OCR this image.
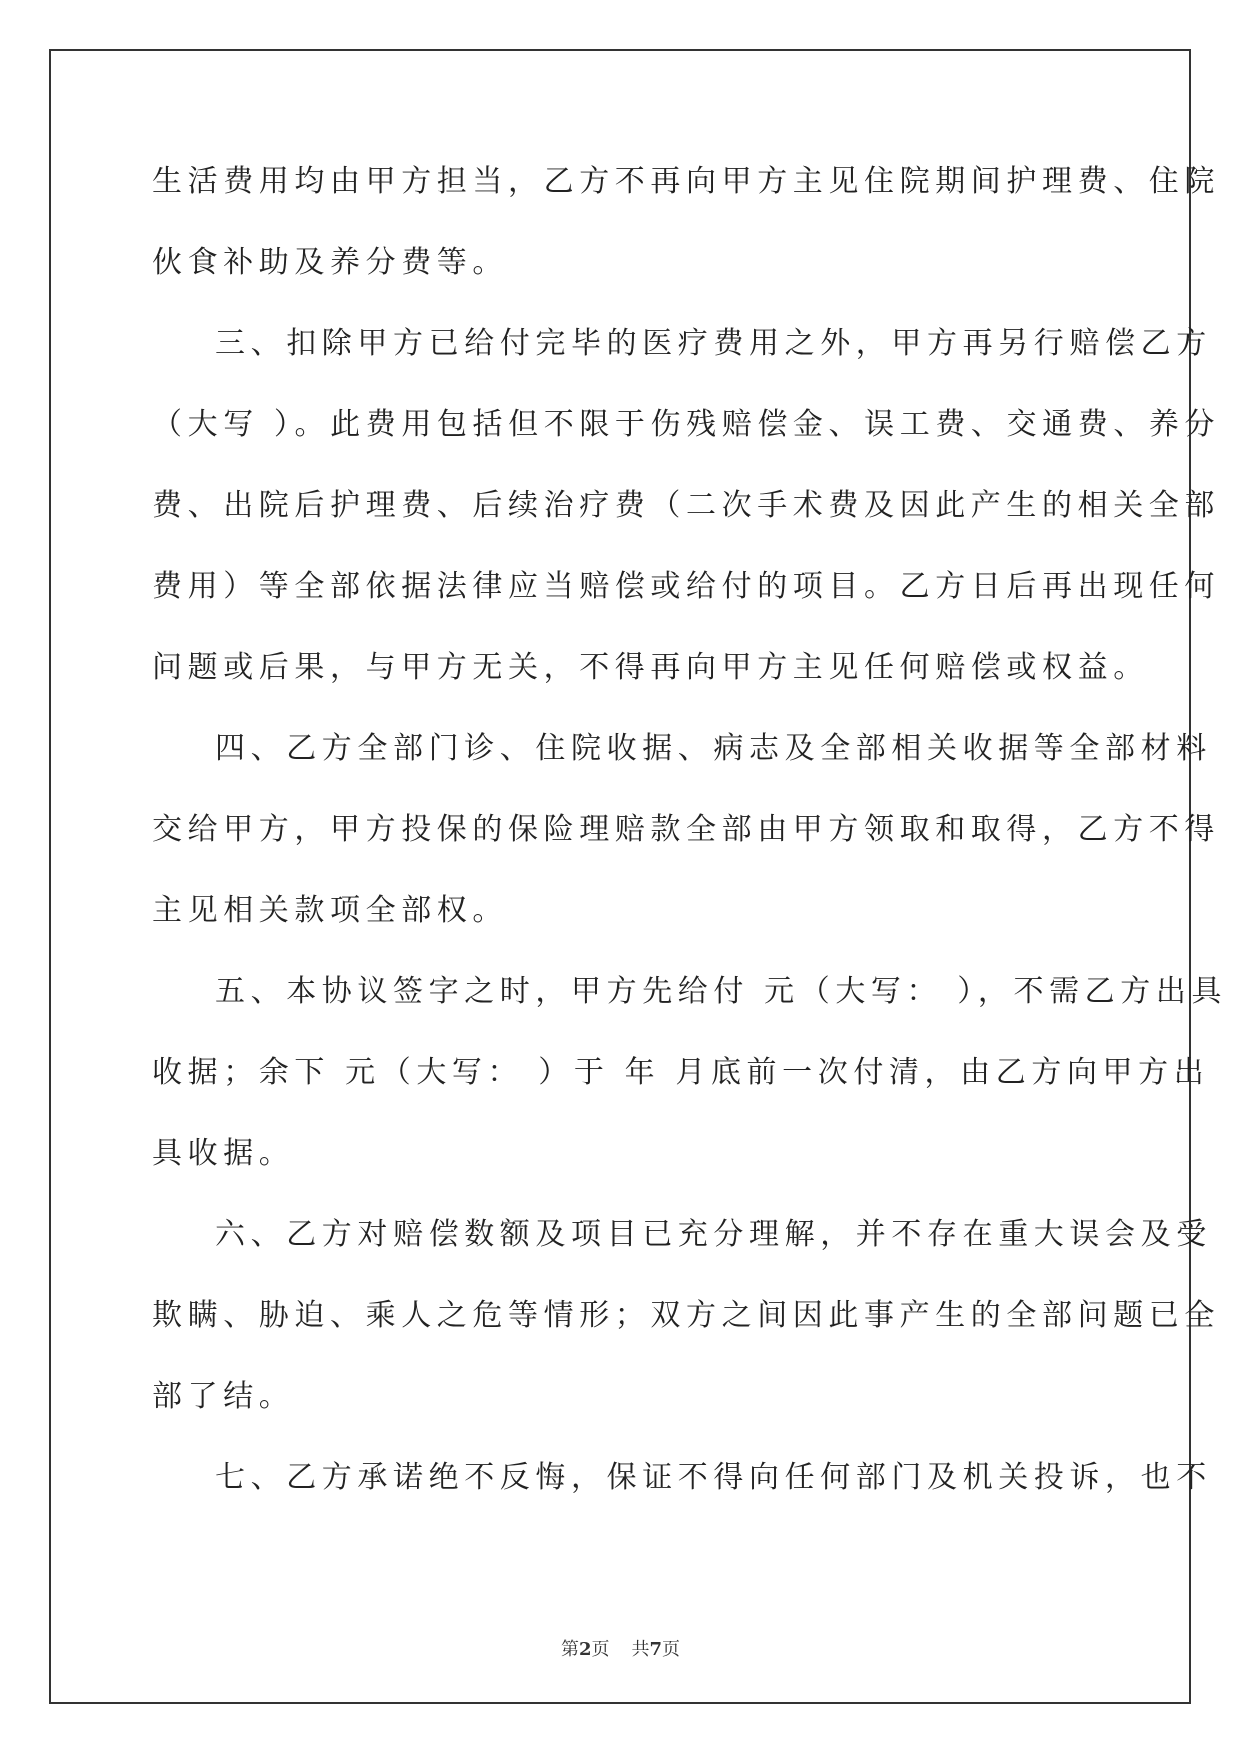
生活费用均由甲方担当，乙方不再向甲方主见住院期间护理费、住院
伙食补助及养分费等。
三、扣除甲方已给付完毕的医疗费用之外，甲方再另行赔偿乙方
（大写 ）。此费用包括但不限于伤残赔偿金、误工费、交通费、养分
费、出院后护理费、后续治疗费（二次手术费及因此产生的相关全部
费用）等全部依据法律应当赔偿或给付的项目。乙方日后再出现任何
问题或后果，与甲方无关，不得再向甲方主见任何赔偿或权益。
四、乙方全部门诊、住院收据、病志及全部相关收据等全部材料
交给甲方，甲方投保的保险理赔款全部由甲方领取和取得，乙方不得
主见相关款项全部权。
五、本协议签字之时，甲方先给付 元（大写： ），不需乙方出具
收据；余下 元（大写： ）于 年 月底前一次付清，由乙方向甲方出
具收据。
六、乙方对赔偿数额及项目已充分理解，并不存在重大误会及受
欺瞒、胁迫、乘人之危等情形；双方之间因此事产生的全部问题已全
部了结。
七、乙方承诺绝不反悔，保证不得向任何部门及机关投诉，也不
第2页 共7页
